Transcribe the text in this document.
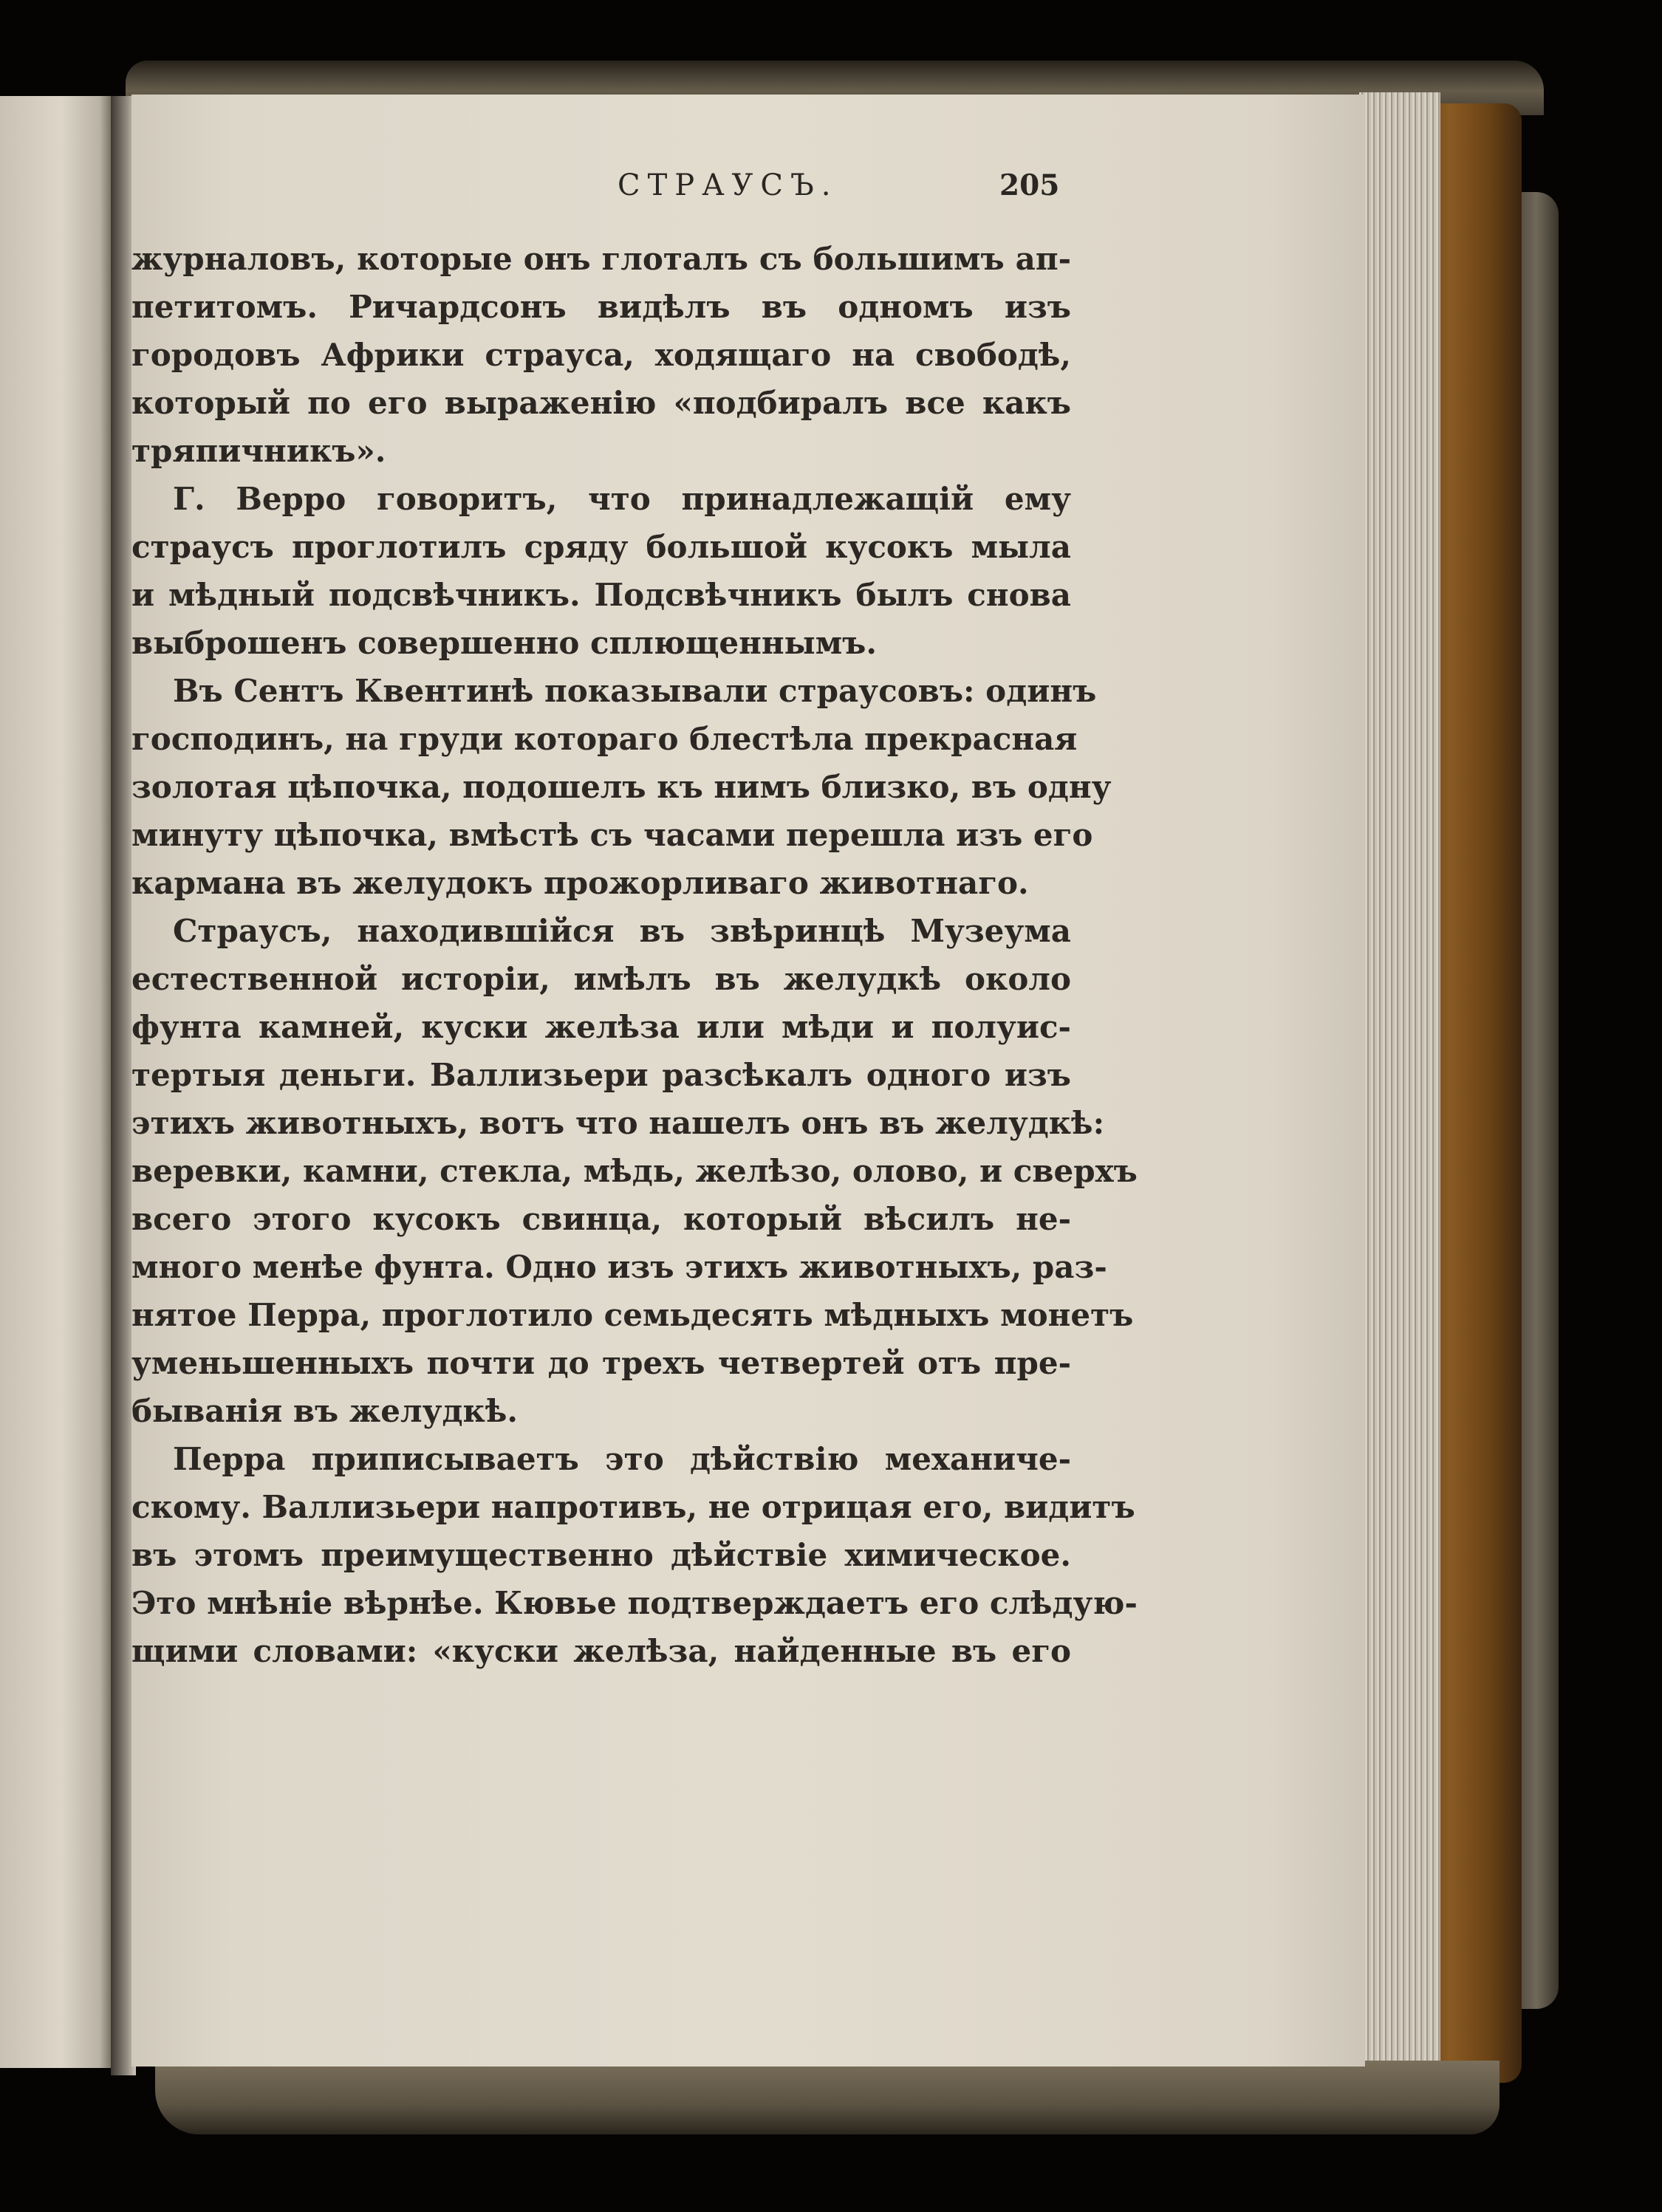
СТРАУСЪ.	205
журналовъ, которые онъ глоталъ съ большимъ ап-
петитомъ. Ричардсонъ видѣлъ въ одномъ изъ
городовъ Африки страуса, ходящаго на свободѣ,
который по его выраженію «подбиралъ все какъ
тряпичникъ».
Г. Верро говоритъ, что принадлежащій ему
страусъ проглотилъ сряду большой кусокъ мыла
и мѣдный подсвѣчникъ. Подсвѣчникъ былъ снова
выброшенъ совершенно сплющеннымъ.
Въ Сентъ Квентинѣ показывали страусовъ: одинъ
господинъ, на груди котораго блестѣла прекрасная
золотая цѣпочка, подошелъ къ нимъ близко, въ одну
минуту цѣпочка, вмѣстѣ съ часами перешла изъ его
кармана въ желудокъ прожорливаго животнаго.
Страусъ, находившійся въ звѣринцѣ Музеума
естественной исторіи, имѣлъ въ желудкѣ около
фунта камней, куски желѣза или мѣди и полуис-
тертыя деньги. Валлизьери разсѣкалъ одного изъ
этихъ животныхъ, вотъ что нашелъ онъ въ желудкѣ:
веревки, камни, стекла, мѣдь, желѣзо, олово, и сверхъ
всего этого кусокъ свинца, который вѣсилъ не-
много менѣе фунта. Одно изъ этихъ животныхъ, раз-
нятое Перра, проглотило семьдесять мѣдныхъ монетъ
уменьшенныхъ почти до трехъ четвертей отъ пре-
быванія въ желудкѣ.
Перра приписываетъ это дѣйствію механиче-
скому. Валлизьери напротивъ, не отрицая его, видитъ
въ этомъ преимущественно дѣйствіе химическое.
Это мнѣніе вѣрнѣе. Кювье подтверждаетъ его слѣдую-
щими словами: «куски желѣза, найденные въ его
